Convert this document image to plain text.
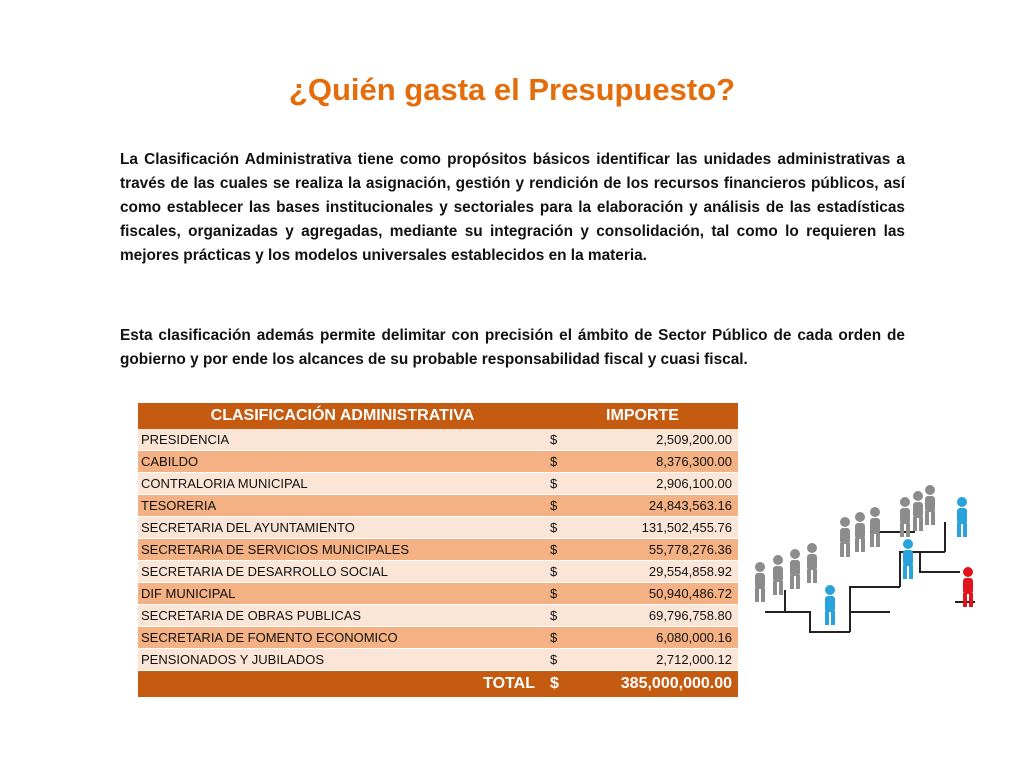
¿Quién gasta el Presupuesto?

La Clasificación Administrativa tiene como propósitos básicos identificar las unidades administrativas a través de las cuales se realiza la asignación, gestión y rendición de los recursos financieros públicos, así como establecer las bases institucionales y sectoriales para la elaboración y análisis de las estadísticas fiscales, organizadas y agregadas, mediante su integración y consolidación, tal como lo requieren las mejores prácticas y los modelos universales establecidos en la materia.

Esta clasificación además permite delimitar con precisión el ámbito de Sector Público de cada orden de gobierno y por ende los alcances de su probable responsabilidad fiscal y cuasi fiscal.

CLASIFICACIÓN ADMINISTRATIVA	IMPORTE	
PRESIDENCIA	$	2,509,200.00
CABILDO	$	8,376,300.00
CONTRALORIA MUNICIPAL	$	2,906,100.00
TESORERIA	$	24,843,563.16
SECRETARIA DEL AYUNTAMIENTO	$	131,502,455.76
SECRETARIA DE SERVICIOS MUNICIPALES	$	55,778,276.36
SECRETARIA DE DESARROLLO SOCIAL	$	29,554,858.92
DIF MUNICIPAL	$	50,940,486.72
SECRETARIA DE OBRAS PUBLICAS	$	69,796,758.80
SECRETARIA DE FOMENTO ECONOMICO	$	6,080,000.16
PENSIONADOS Y JUBILADOS	$	2,712,000.12
TOTAL	$	385,000,000.00
